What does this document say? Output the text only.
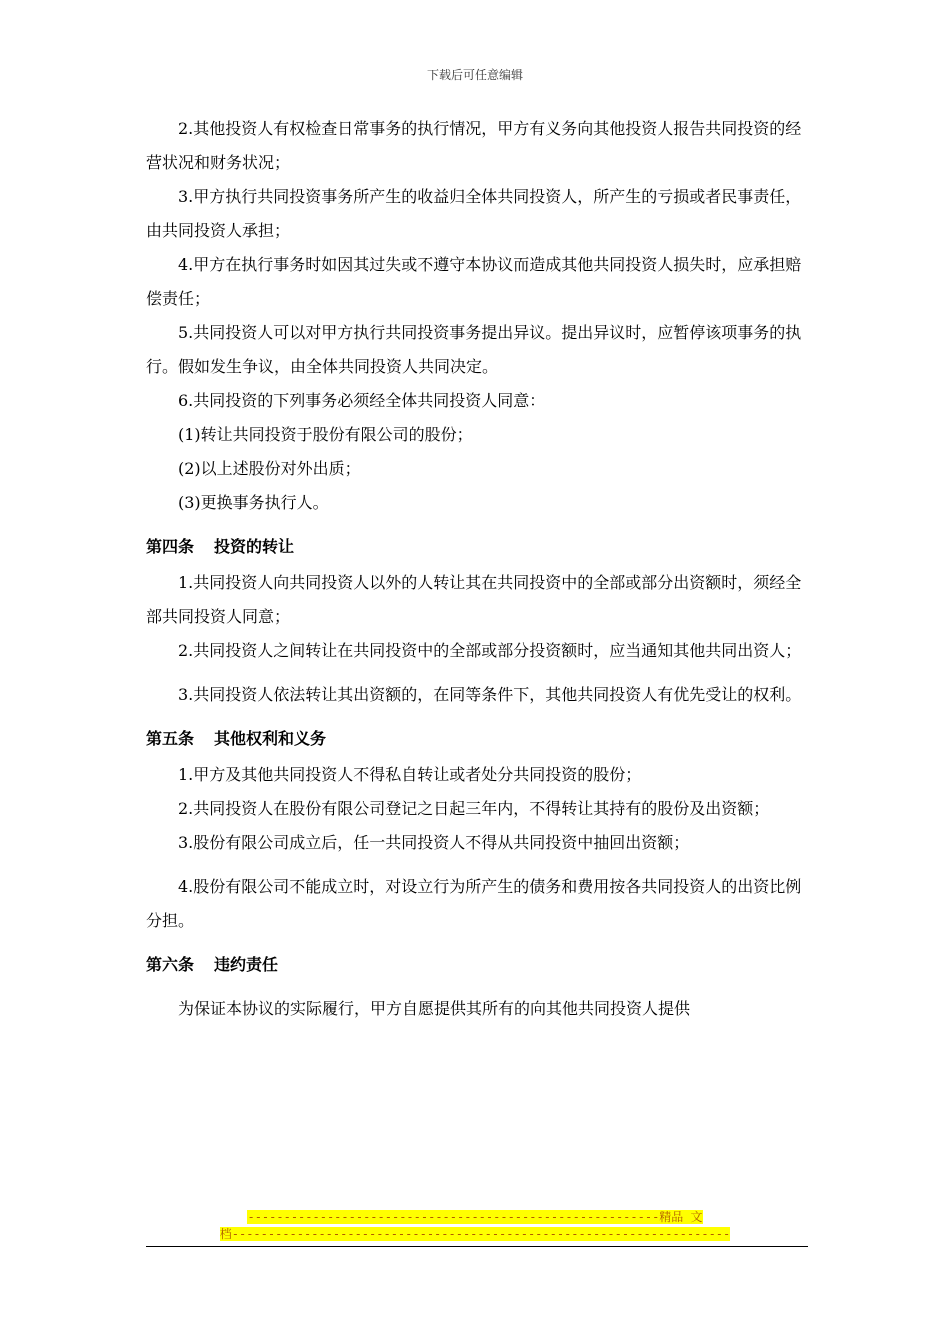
下载后可任意编辑
2.其他投资人有权检查日常事务的执行情况，甲方有义务向其他投资人报告共同投资的经营状况和财务状况；
3.甲方执行共同投资事务所产生的收益归全体共同投资人，所产生的亏损或者民事责任，由共同投资人承担；
4.甲方在执行事务时如因其过失或不遵守本协议而造成其他共同投资人损失时，应承担赔偿责任；
5.共同投资人可以对甲方执行共同投资事务提出异议。提出异议时，应暂停该项事务的执行。假如发生争议，由全体共同投资人共同决定。
6.共同投资的下列事务必须经全体共同投资人同意：
(1)转让共同投资于股份有限公司的股份；
(2)以上述股份对外出质；
(3)更换事务执行人。
第四条 投资的转让
1.共同投资人向共同投资人以外的人转让其在共同投资中的全部或部分出资额时，须经全部共同投资人同意；
2.共同投资人之间转让在共同投资中的全部或部分投资额时，应当通知其他共同出资人；
3.共同投资人依法转让其出资额的，在同等条件下，其他共同投资人有优先受让的权利。
第五条 其他权利和义务
1.甲方及其他共同投资人不得私自转让或者处分共同投资的股份；
2.共同投资人在股份有限公司登记之日起三年内，不得转让其持有的股份及出资额；
3.股份有限公司成立后，任一共同投资人不得从共同投资中抽回出资额；
4.股份有限公司不能成立时，对设立行为所产生的债务和费用按各共同投资人的出资比例分担。
第六条 违约责任
为保证本协议的实际履行，甲方自愿提供其所有的向其他共同投资人提供
---------------------------------------------------------精品 文
档---------------------------------------------------------------------
